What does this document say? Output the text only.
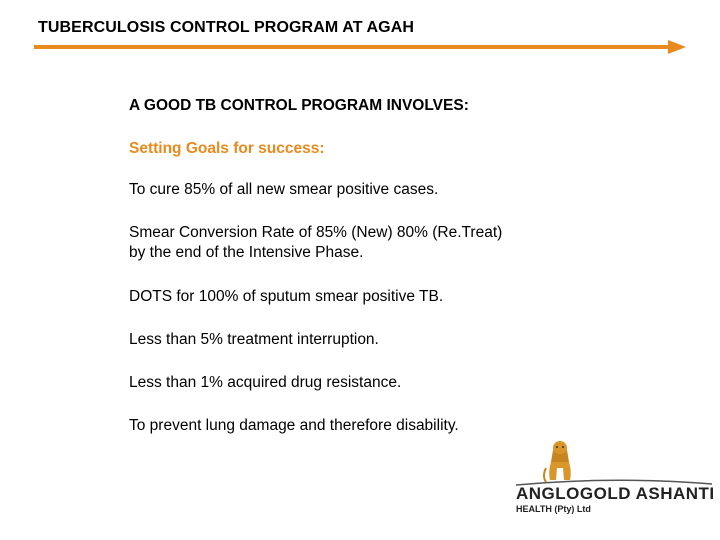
TUBERCULOSIS CONTROL PROGRAM AT AGAH

A GOOD TB CONTROL PROGRAM INVOLVES:

Setting Goals for success:

To cure 85% of all new smear positive cases.

Smear Conversion Rate of 85% (New) 80% (Re.Treat)
by the end of the Intensive Phase.

DOTS for 100% of sputum smear positive TB.

Less than 5% treatment interruption.

Less than 1% acquired drug resistance.

To prevent lung damage and therefore disability.

ANGLOGOLD ASHANTI
HEALTH (Pty) Ltd
